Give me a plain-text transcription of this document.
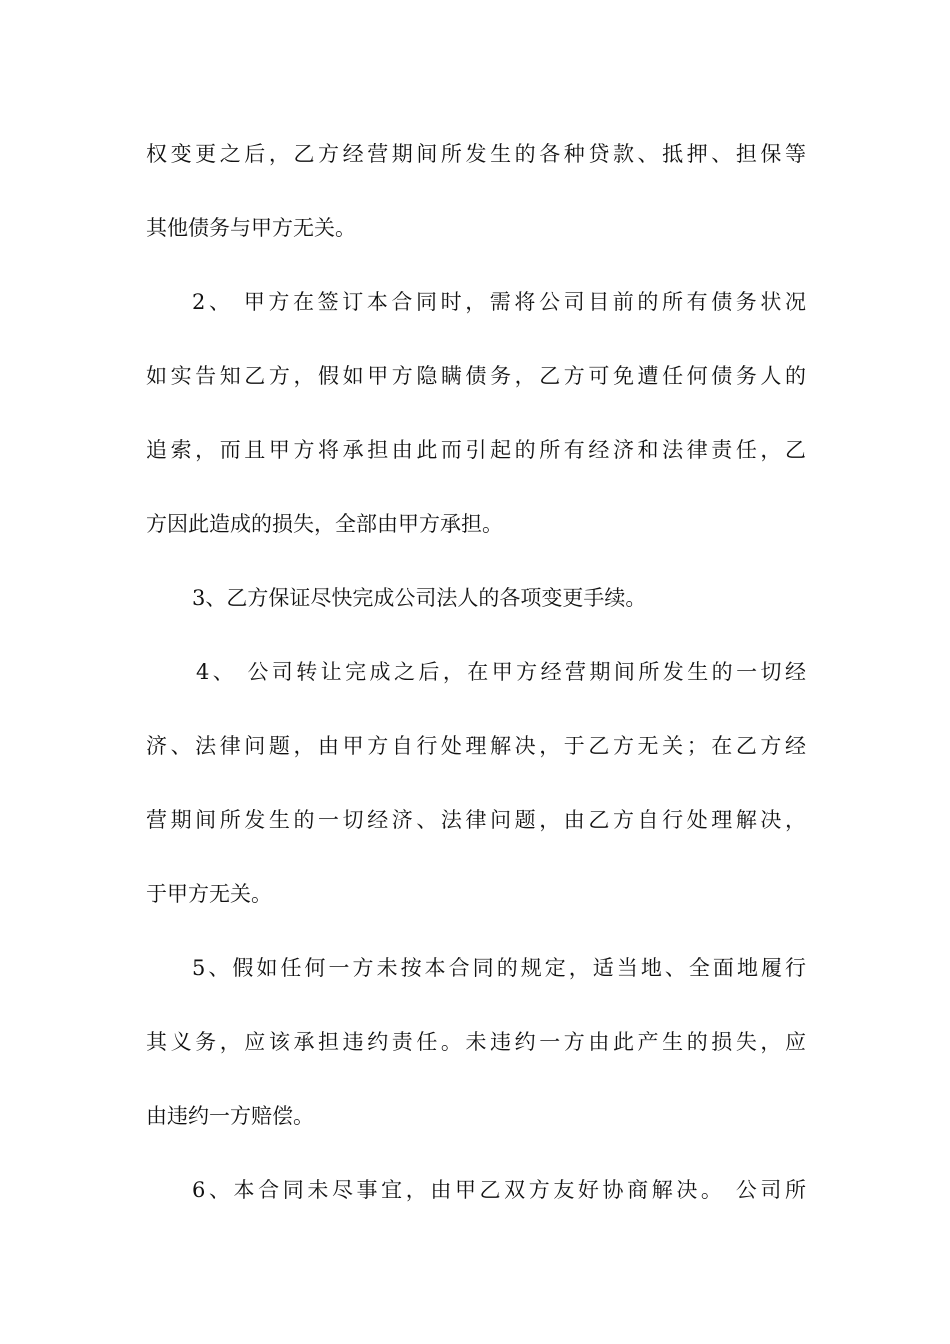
权变更之后，乙方经营期间所发生的各种贷款、抵押、担保等
其他债务与甲方无关。
2、 甲方在签订本合同时，需将公司目前的所有债务状况
如实告知乙方，假如甲方隐瞒债务，乙方可免遭任何债务人的
追索，而且甲方将承担由此而引起的所有经济和法律责任，乙
方因此造成的损失，全部由甲方承担。
3、乙方保证尽快完成公司法人的各项变更手续。
4、 公司转让完成之后，在甲方经营期间所发生的一切经
济、法律问题，由甲方自行处理解决，于乙方无关；在乙方经
营期间所发生的一切经济、法律问题，由乙方自行处理解决，
于甲方无关。
5、假如任何一方未按本合同的规定，适当地、全面地履行
其义务，应该承担违约责任。未违约一方由此产生的损失，应
由违约一方赔偿。
6、本合同未尽事宜，由甲乙双方友好协商解决。 公司所
